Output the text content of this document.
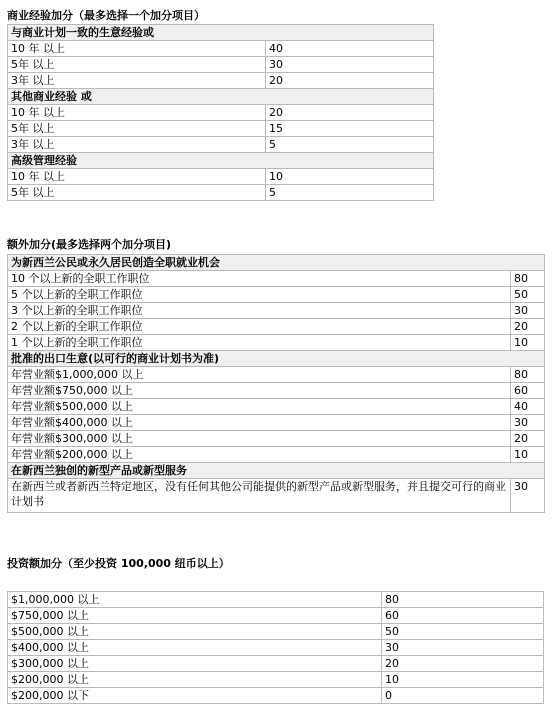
商业经验加分（最多选择一个加分项目）
与商业计划一致的生意经验或	
10 年 以上	40
5年 以上	30
3年 以上	20
其他商业经验 或	
10 年 以上	20
5年 以上	15
3年 以上	5
高级管理经验	
10 年 以上	10
5年 以上	5
额外加分(最多选择两个加分项目)
为新西兰公民或永久居民创造全职就业机会	
10 个以上新的全职工作职位	80
5 个以上新的全职工作职位	50
3 个以上新的全职工作职位	30
2 个以上新的全职工作职位	20
1 个以上新的全职工作职位	10
批准的出口生意(以可行的商业计划书为准)	
年营业额$1,000,000 以上	80
年营业额$750,000 以上	60
年营业额$500,000 以上	40
年营业额$400,000 以上	30
年营业额$300,000 以上	20
年营业额$200,000 以上	10
在新西兰独创的新型产品或新型服务	
在新西兰或者新西兰特定地区，没有任何其他公司能提供的新型产品或新型服务，并且提交可行的商业计划书	30
投资额加分（至少投资 100,000 纽币以上）
$1,000,000 以上	80
$750,000 以上	60
$500,000 以上	50
$400,000 以上	30
$300,000 以上	20
$200,000 以上	10
$200,000 以下	0
